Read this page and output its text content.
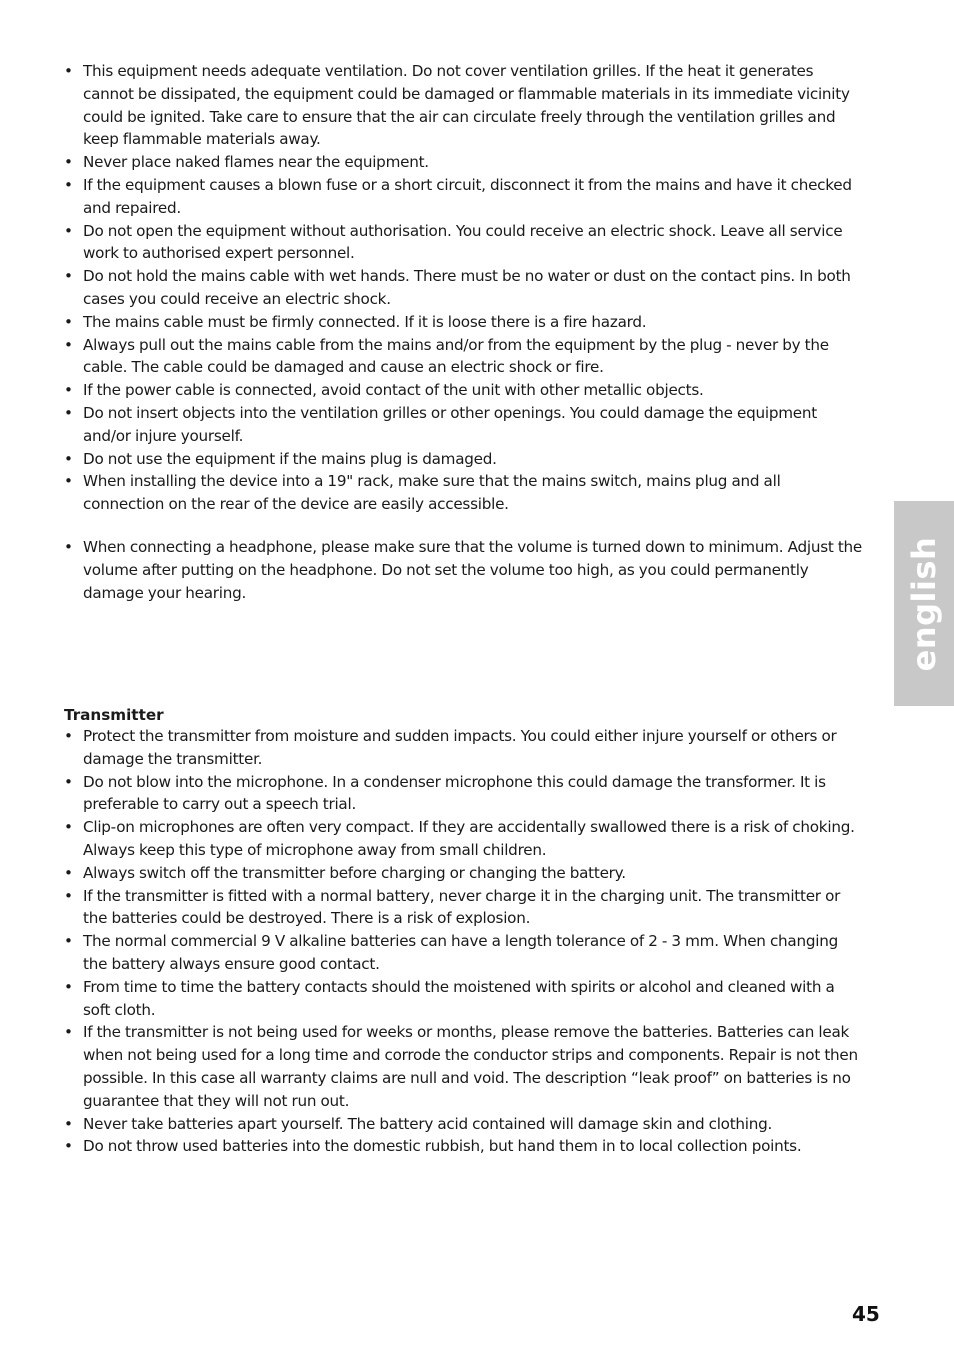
• This equipment needs adequate ventilation. Do not cover ventilation grilles. If the heat it generates cannot be dissipated, the equipment could be damaged or flammable materials in its immediate vicinity could be ignited. Take care to ensure that the air can circulate freely through the ventilation grilles and keep flammable materials away.
• Never place naked flames near the equipment.
• If the equipment causes a blown fuse or a short circuit, disconnect it from the mains and have it checked and repaired.
• Do not open the equipment without authorisation. You could receive an electric shock. Leave all service work to authorised expert personnel.
• Do not hold the mains cable with wet hands. There must be no water or dust on the contact pins. In both cases you could receive an electric shock.
• The mains cable must be firmly connected. If it is loose there is a fire hazard.
• Always pull out the mains cable from the mains and/or from the equipment by the plug - never by the cable. The cable could be damaged and cause an electric shock or fire.
• If the power cable is connected, avoid contact of the unit with other metallic objects.
• Do not insert objects into the ventilation grilles or other openings. You could damage the equipment and/or injure yourself.
• Do not use the equipment if the mains plug is damaged.
• When installing the device into a 19" rack, make sure that the mains switch, mains plug and all connection on the rear of the device are easily accessible.
• When connecting a headphone, please make sure that the volume is turned down to minimum. Adjust the volume after putting on the headphone. Do not set the volume too high, as you could permanently damage your hearing.
Transmitter
• Protect the transmitter from moisture and sudden impacts. You could either injure yourself or others or damage the transmitter.
• Do not blow into the microphone. In a condenser microphone this could damage the transformer. It is preferable to carry out a speech trial.
• Clip-on microphones are often very compact. If they are accidentally swallowed there is a risk of choking. Always keep this type of microphone away from small children.
• Always switch off the transmitter before charging or changing the battery.
• If the transmitter is fitted with a normal battery, never charge it in the charging unit. The transmitter or the batteries could be destroyed. There is a risk of explosion.
• The normal commercial 9 V alkaline batteries can have a length tolerance of 2 - 3 mm. When changing the battery always ensure good contact.
• From time to time the battery contacts should the moistened with spirits or alcohol and cleaned with a soft cloth.
• If the transmitter is not being used for weeks or months, please remove the batteries. Batteries can leak when not being used for a long time and corrode the conductor strips and components. Repair is not then possible. In this case all warranty claims are null and void. The description “leak proof” on batteries is no guarantee that they will not run out.
• Never take batteries apart yourself. The battery acid contained will damage skin and clothing.
• Do not throw used batteries into the domestic rubbish, but hand them in to local collection points.
english
45
